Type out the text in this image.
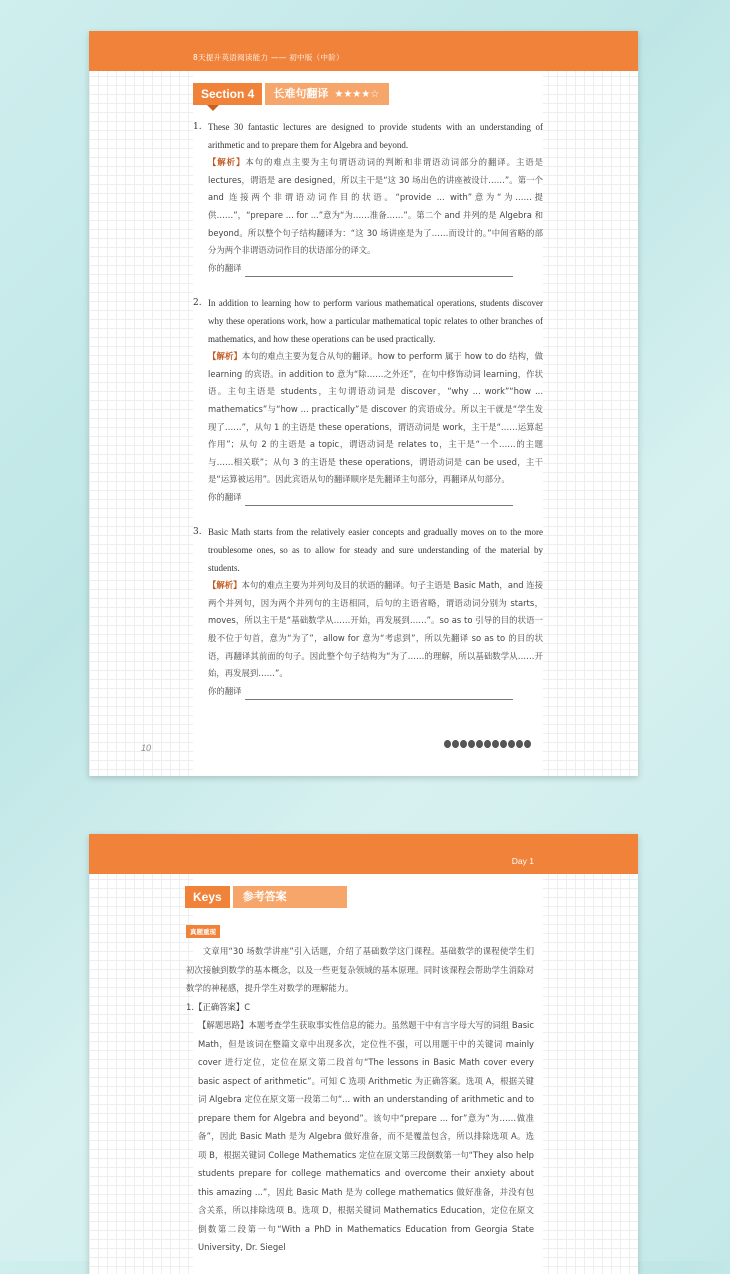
8天提升英语阅读能力 —— 初中版（中阶）
Section 4	长难句翻译 ★★★★☆
1. These 30 fantastic lectures are designed to provide students with an understanding of arithmetic and to prepare them for Algebra and beyond.
【解析】本句的难点主要为主句谓语动词的判断和非谓语动词部分的翻译。主语是 lectures，谓语是 are designed，所以主干是“这 30 场出色的讲座被设计……”。第一个 and 连接两个非谓语动词作目的状语。“provide ... with”意为“为……提供……”，“prepare ... for ...”意为“为……准备……”。第二个 and 并列的是 Algebra 和 beyond。所以整个句子结构翻译为：“这 30 场讲座是为了……而设计的。”中间省略的部分为两个非谓语动词作目的状语部分的译文。
你的翻译
2. In addition to learning how to perform various mathematical operations, students discover why these operations work, how a particular mathematical topic relates to other branches of mathematics, and how these operations can be used practically.
【解析】本句的难点主要为复合从句的翻译。how to perform 属于 how to do 结构，做 learning 的宾语。in addition to 意为“除……之外还”，在句中修饰动词 learning，作状语。主句主语是 students，主句谓语动词是 discover，“why ... work”“how ... mathematics”与“how ... practically”是 discover 的宾语成分。所以主干就是“学生发现了……”，从句 1 的主语是 these operations，谓语动词是 work，主干是“……运算起作用”；从句 2 的主语是 a topic，谓语动词是 relates to，主干是“一个……的主题与……相关联”；从句 3 的主语是 these operations，谓语动词是 can be used，主干是“运算被运用”。因此宾语从句的翻译顺序是先翻译主句部分，再翻译从句部分。
你的翻译
3. Basic Math starts from the relatively easier concepts and gradually moves on to the more troublesome ones, so as to allow for steady and sure understanding of the material by students.
【解析】本句的难点主要为并列句及目的状语的翻译。句子主语是 Basic Math，and 连接两个并列句，因为两个并列句的主语相同，后句的主语省略，谓语动词分别为 starts，moves，所以主干是“基础数学从……开始，再发展到……”。so as to 引导的目的状语一般不位于句首，意为“为了”，allow for 意为“考虑到”，所以先翻译 so as to 的目的状语，再翻译其前面的句子。因此整个句子结构为“为了……的理解，所以基础数学从……开始，再发展到……”。
你的翻译
10
Day 1
Keys	参考答案
真题重现
文章用“30 场数学讲座”引入话题，介绍了基础数学这门课程。基础数学的课程使学生们初次接触到数学的基本概念，以及一些更复杂领域的基本原理。同时该课程会帮助学生消除对数学的神秘感，提升学生对数学的理解能力。
1.【正确答案】C
【解题思路】本题考查学生获取事实性信息的能力。虽然题干中有言字母大写的词组 Basic Math，但是该词在整篇文章中出现多次，定位性不强，可以用题干中的关键词 mainly cover 进行定位，定位在原文第二段首句“The lessons in Basic Math cover every basic aspect of arithmetic”。可知 C 选项 Arithmetic 为正确答案。选项 A，根据关键词 Algebra 定位在原文第一段第二句“... with an understanding of arithmetic and to prepare them for Algebra and beyond”。该句中“prepare ... for”意为“为……做准备”，因此 Basic Math 是为 Algebra 做好准备，而不是覆盖包含，所以排除选项 A。选项 B，根据关键词 College Mathematics 定位在原文第三段倒数第一句“They also help students prepare for college mathematics and overcome their anxiety about this amazing ...”，因此 Basic Math 是为 college mathematics 做好准备，并没有包含关系，所以排除选项 B。选项 D，根据关键词 Mathematics Education，定位在原文倒数第二段第一句“With a PhD in Mathematics Education from Georgia State University, Dr. Siegel
